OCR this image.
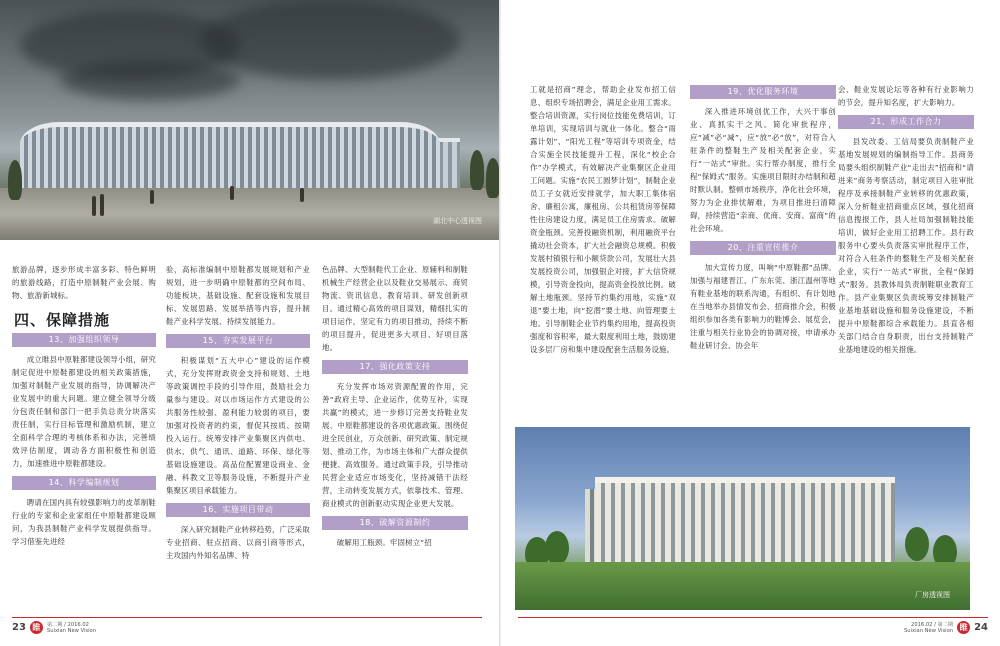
湖北中心透视图

旅游品牌，逐步形成丰富多彩、特色鲜明的旅游线路，打造中原制鞋产业会展、购物、旅游新城标。

四、保障措施
13、加强组织领导

成立睢县中原鞋都建设领导小组，研究制定促进中原鞋都建设的相关政策措施，加强对制鞋产业发展的指导，协调解决产业发展中的重大问题。建立健全领导分级分包责任制和部门一把手负总责分块落实责任制，实行目标管理和激励机制，建立全面科学合理的考核体系和办法，完善绩效评估制度，调动各方面积极性和创造力，加速推进中原鞋都建设。

14、科学编制规划

聘请在国内具有较强影响力的皮革制鞋行业的专家和企业家组任中原鞋都建设顾问，为我县制鞋产业科学发展提供指导。学习借鉴先进经

验，高标准编制中原鞋都发展规划和产业规划，进一步明确中原鞋都的空间布局、功能板块、基础设施、配套设施和发展目标、发展思路、发展举措等内容，提升制鞋产业科学发展、持续发展能力。

15、夯实发展平台

积极谋划“五大中心”建设的运作模式，充分发挥财政资金支持和规划、土地等政策调控手段的引导作用，鼓励社会力量参与建设。对以市场运作方式建设的公共服务性较强、盈利能力较弱的项目，要加强对投资者的约束，督促其按质、按期投入运行。统筹安排产业集聚区内供电、供水、供气、通讯、道路、环保、绿化等基础设施建设。高品位配置建设商业、金融、科教文卫等服务设施，不断提升产业集聚区项目承载能力。

16、实施项目带动

深入研究制鞋产业转移趋势，广泛采取专业招商、驻点招商、以商引商等形式，主攻国内外知名品牌、特

色品牌、大型制鞋代工企业、原辅料和制鞋机械生产经营企业以及鞋业交易展示、商贸物流、资讯信息、教育培训、研发创新项目。通过精心高效的项目谋划，精细扎实的项目运作，坚定有力的项目推动，持续不断的项目提升，促进更多大项目、好项目落地。

17、强化政策支持

充分发挥市场对资源配置的作用，完善“政府主导、企业运作，优势互补，实现共赢”的模式，进一步修订完善支持鞋业发展、中原鞋都建设的各项优惠政策。围绕促进全民创业，万众创新、研究政策、制定规划、推动工作，为市场主体和广大群众提供便捷、高效服务。通过政策手段，引导推动民营企业适应市场变化，坚持减错干法经营，主动转变发展方式，依靠技术、管理、商业模式的创新驱动实现企业更大发展。

18、破解资源制约

破解用工瓶颈。牢固树立“招

23 睢	第二期 / 2016.02
Suixian New Vision

工就是招商”理念，帮助企业发布招工信息、组织专场招聘会，满足企业用工需求。整合培训资源，实行岗位技能免费培训，订单培训，实现培训与就业一体化。整合“雨露计划”、“阳光工程”等培训专项资金，结合实施全民技能提升工程，深化“校企合作”办学模式，有效解决产业集聚区企业用工问题。实施“农民工圆梦计划”，制鞋企业员工子女就近安排就学，加大职工集体宿舍、廉租公寓，廉租房、公共租赁房等保障性住房建设力度，满足员工住房需求。破解资金瓶颈。完善投融资机制，利用融资平台撬动社会资本，扩大社会融资总规模。积极发展村镇银行和小额贷款公司，发展壮大县发展投资公司，加强银企对接，扩大信贷规模，引导资金投向，提高资金投放比例。破解土地瓶颈。坚持节约集约用地，实施“双退”要土地，向“挖潜”要土地、向管理要土地。引导制鞋企业节约集约用地，提高投资强度和容积率，最大限度利用土地，鼓励建设多层厂房和集中建设配套生活服务设施。

19、优化服务环境

深入推进环境创优工作，大兴干事创业、真抓实干之风。简化审批程序，应“减”必“减”，应“放”必“放”，对符合入驻条件的整鞋生产及相关配套企业，实行“一站式”审批。实行帮办制度，推行全程“保姆式”服务。实施项目限时办结制和超时默认制。整顿市场秩序，净化社会环境，努力为企业排忧解难，为项目推进扫清障碍，持续营造“亲商、优商、安商、富商”的社会环境。

20、注重宣传推介

加大宣传力度，叫响“中原鞋都”品牌。加强与福建晋江、广东东莞、浙江温州等地有鞋业基地的联系沟通，有组织、有计划地在当地举办县情发布会、招商推介会，积极组织参加各类有影响力的鞋博会、展览会，注重与相关行业协会的协调对接，申请承办鞋业研讨会、协会年

会、鞋业发展论坛等各种有行业影响力的节会，提升知名度，扩大影响力。

21、形成工作合力

县发改委、工信局要负责制鞋产业基地发展规划的编制指导工作。县商务局要头组织制鞋产业“走出去”招商和“请进来”商务考察活动，制定项目入驻审批程序及承接制鞋产业转移的优惠政策，深入分析鞋业招商重点区域，强化招商信息搜报工作，县人社局加强制鞋技能培训，做好企业用工招聘工作。县行政服务中心要头负责落实审批程序工作，对符合入驻条件的整鞋生产及相关配套企业，实行“一站式”审批，全程“保姆式”服务。县教体局负责制鞋职业教育工作。县产业集聚区负责统筹安排制鞋产业基地基础设施和服务设施建设，不断提升中原鞋都综合承载能力。县直各相关部门结合自身职责，出台支持制鞋产业基地建设的相关措施。

2016.02 / 第二期
Suixian New Vision 睢 24
厂房透视图
